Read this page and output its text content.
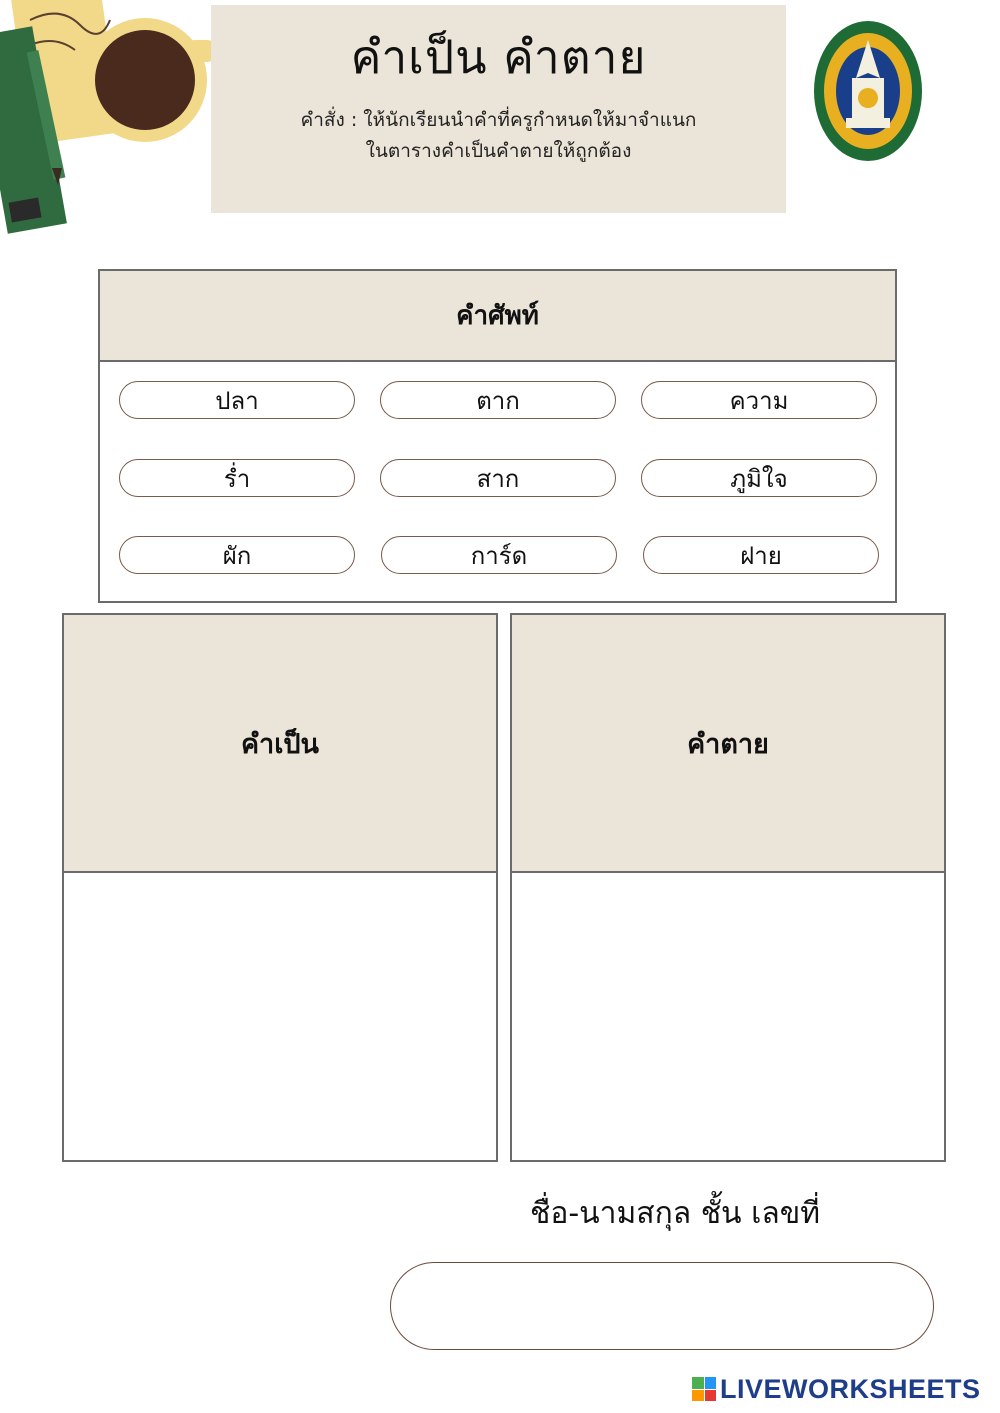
คำเป็น คำตาย
คำสั่ง : ให้นักเรียนนำคำที่ครูกำหนดให้มาจำแนก
ในตารางคำเป็นคำตายให้ถูกต้อง
คำศัพท์
ปลา	ตาก	ความ
ร่ำ	สาก	ภูมิใจ
ผัก	การ์ด	ฝาย
คำเป็น	คำตาย
ชื่อ-นามสกุล ชั้น เลขที่
LIVEWORKSHEETS
